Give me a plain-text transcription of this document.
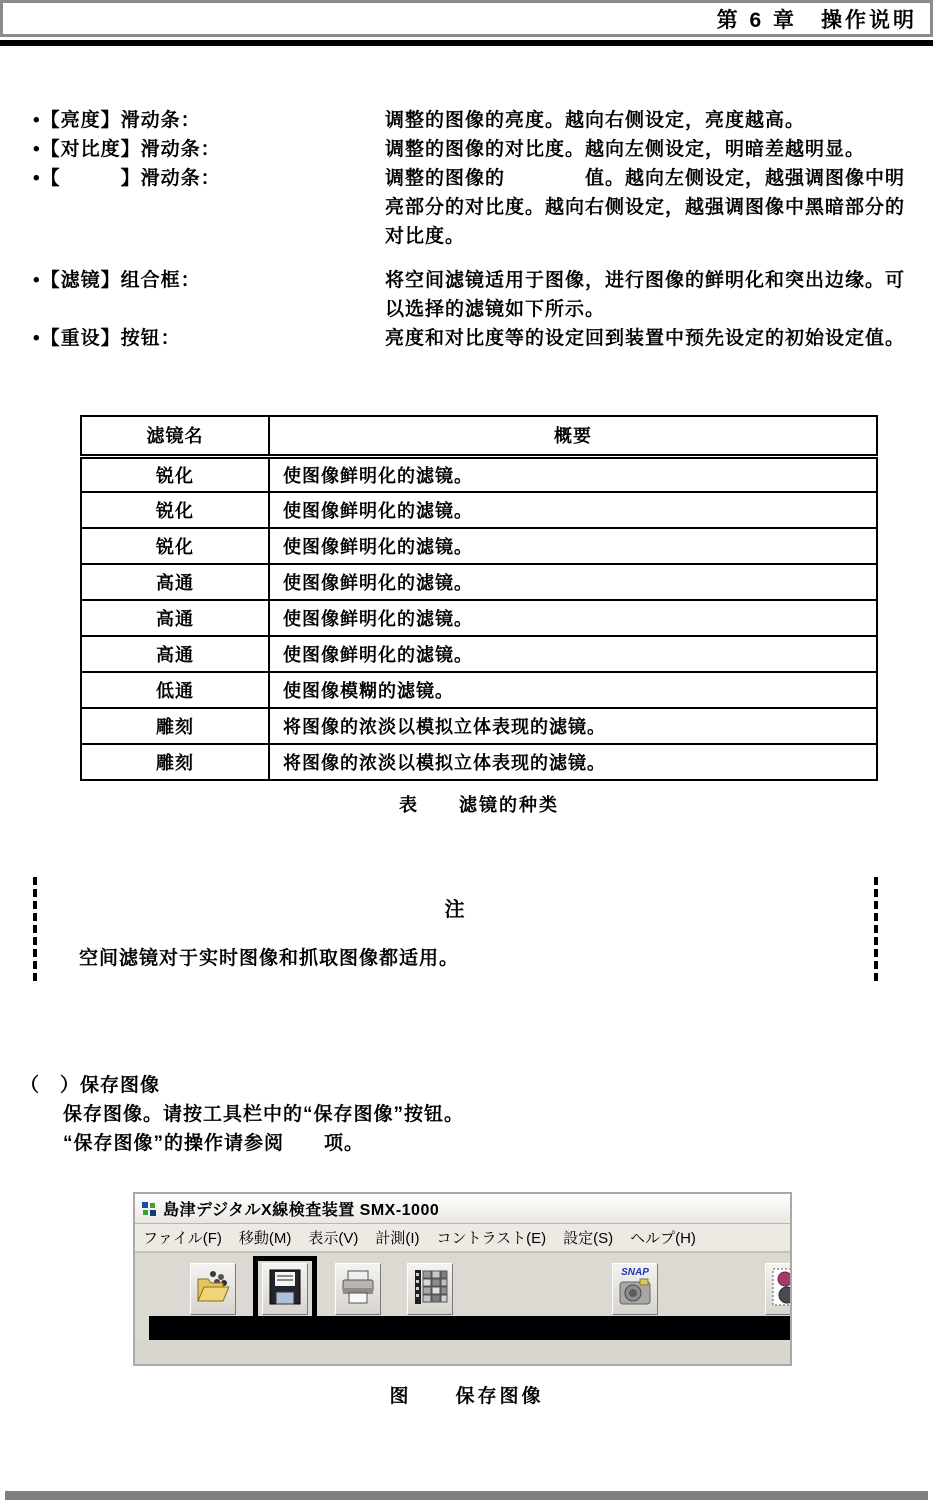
第 6 章　操作说明
•【亮度】滑动条：	调整的图像的亮度。越向右侧设定，亮度越高。
•【对比度】滑动条：	调整的图像的对比度。越向左侧设定，明暗差越明显。
•【　　　】滑动条：	调整的图像的　　　　值。越向左侧设定，越强调图像中明亮部分的对比度。越向右侧设定，越强调图像中黑暗部分的对比度。
•【滤镜】组合框：	将空间滤镜适用于图像，进行图像的鲜明化和突出边缘。可以选择的滤镜如下所示。
•【重设】按钮：	亮度和对比度等的设定回到装置中预先设定的初始设定值。
滤镜名	概要
锐化	使图像鲜明化的滤镜。
锐化	使图像鲜明化的滤镜。
锐化	使图像鲜明化的滤镜。
高通	使图像鲜明化的滤镜。
高通	使图像鲜明化的滤镜。
高通	使图像鲜明化的滤镜。
低通	使图像模糊的滤镜。
雕刻	将图像的浓淡以模拟立体表现的滤镜。
雕刻	将图像的浓淡以模拟立体表现的滤镜。
表　　滤镜的种类
注
空间滤镜对于实时图像和抓取图像都适用。
（　）保存图像
保存图像。请按工具栏中的“保存图像”按钮。
“保存图像”的操作请参阅　　项。
島津デジタルX線検査装置 SMX-1000
ファイル(F) 移動(M) 表示(V) 計測(I) コントラスト(E) 設定(S) ヘルプ(H)
SNAP
图　　保存图像
